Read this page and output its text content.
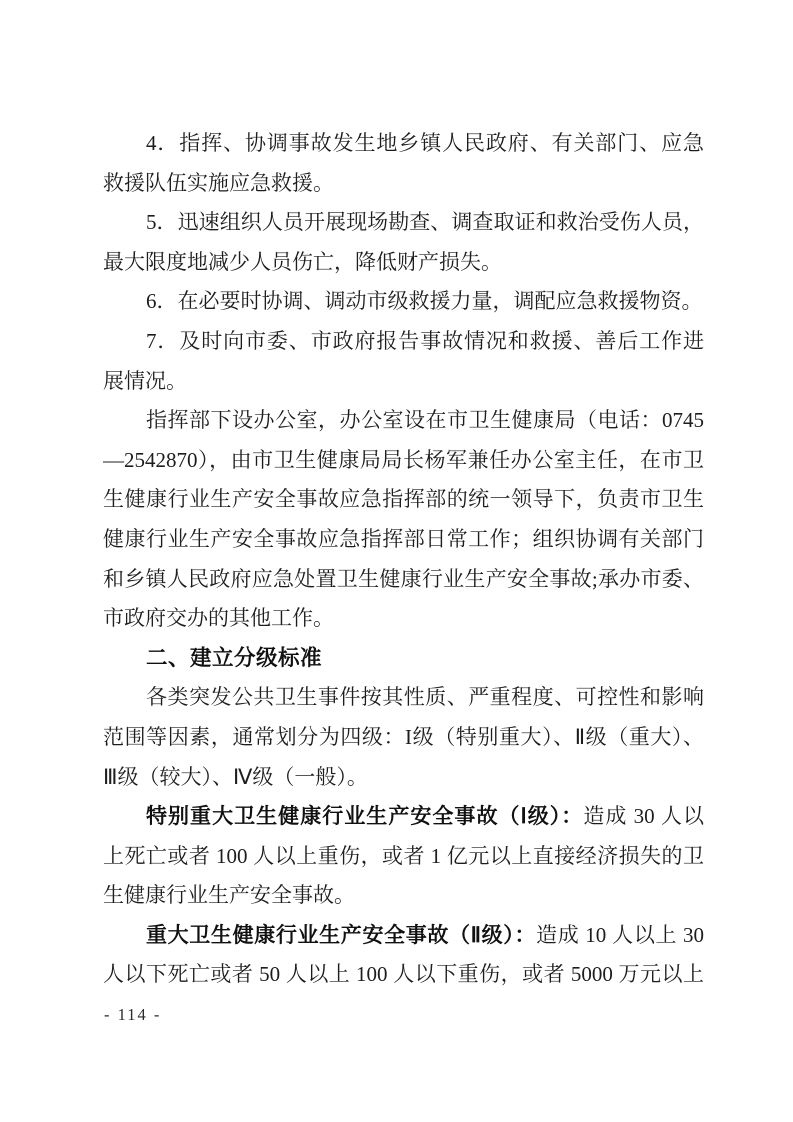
4．指挥、协调事故发生地乡镇人民政府、有关部门、应急
救援队伍实施应急救援。
5．迅速组织人员开展现场勘查、调查取证和救治受伤人员，
最大限度地减少人员伤亡，降低财产损失。
6．在必要时协调、调动市级救援力量，调配应急救援物资。
7．及时向市委、市政府报告事故情况和救援、善后工作进
展情况。
指挥部下设办公室，办公室设在市卫生健康局（电话：0745
—2542870），由市卫生健康局局长杨军兼任办公室主任，在市卫
生健康行业生产安全事故应急指挥部的统一领导下，负责市卫生
健康行业生产安全事故应急指挥部日常工作；组织协调有关部门
和乡镇人民政府应急处置卫生健康行业生产安全事故;承办市委、
市政府交办的其他工作。
二、建立分级标准
各类突发公共卫生事件按其性质、严重程度、可控性和影响
范围等因素，通常划分为四级：I级（特别重大）、Ⅱ级（重大）、
Ⅲ级（较大）、Ⅳ级（一般）。
特别重大卫生健康行业生产安全事故（Ⅰ级）：造成 30 人以
上死亡或者 100 人以上重伤，或者 1 亿元以上直接经济损失的卫
生健康行业生产安全事故。
重大卫生健康行业生产安全事故（Ⅱ级）：造成 10 人以上 30
人以下死亡或者 50 人以上 100 人以下重伤，或者 5000 万元以上
- 114 -
